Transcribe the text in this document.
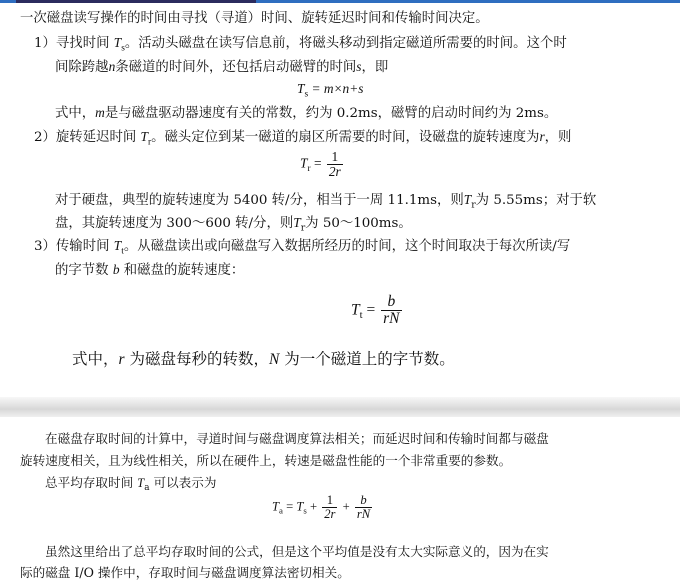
一次磁盘读写操作的时间由寻找（寻道）时间、旋转延迟时间和传输时间决定。
1）寻找时间 $T_s$。活动头磁盘在读写信息前，将磁头移动到指定磁道所需要的时间。这个时
间除跨越n条磁道的时间外，还包括启动磁臂的时间s，即
$T_s = m\times n+s$
式中，m是与磁盘驱动器速度有关的常数，约为 0.2ms，磁臂的启动时间约为 2ms。
2）旋转延迟时间 $T_r$。磁头定位到某一磁道的扇区所需要的时间，设磁盘的旋转速度为r，则
$T_r = \frac{1}{2r}$
对于硬盘，典型的旋转速度为 5400 转/分，相当于一周 11.1ms，则$T_r$为 5.55ms；对于软
盘，其旋转速度为 300～600 转/分，则$T_r$为 50～100ms。
3）传输时间 $T_t$。从磁盘读出或向磁盘写入数据所经历的时间，这个时间取决于每次所读/写
的字节数 b 和磁盘的旋转速度：
$T_t = \frac{b}{rN}$
式中，r 为磁盘每秒的转数，N 为一个磁道上的字节数。
在磁盘存取时间的计算中，寻道时间与磁盘调度算法相关；而延迟时间和传输时间都与磁盘
旋转速度相关，且为线性相关，所以在硬件上，转速是磁盘性能的一个非常重要的参数。
总平均存取时间 $T_a$ 可以表示为
$T_a = T_s + \frac{1}{2r} + \frac{b}{rN}$
虽然这里给出了总平均存取时间的公式，但是这个平均值是没有太大实际意义的，因为在实
际的磁盘 I/O 操作中，存取时间与磁盘调度算法密切相关。
